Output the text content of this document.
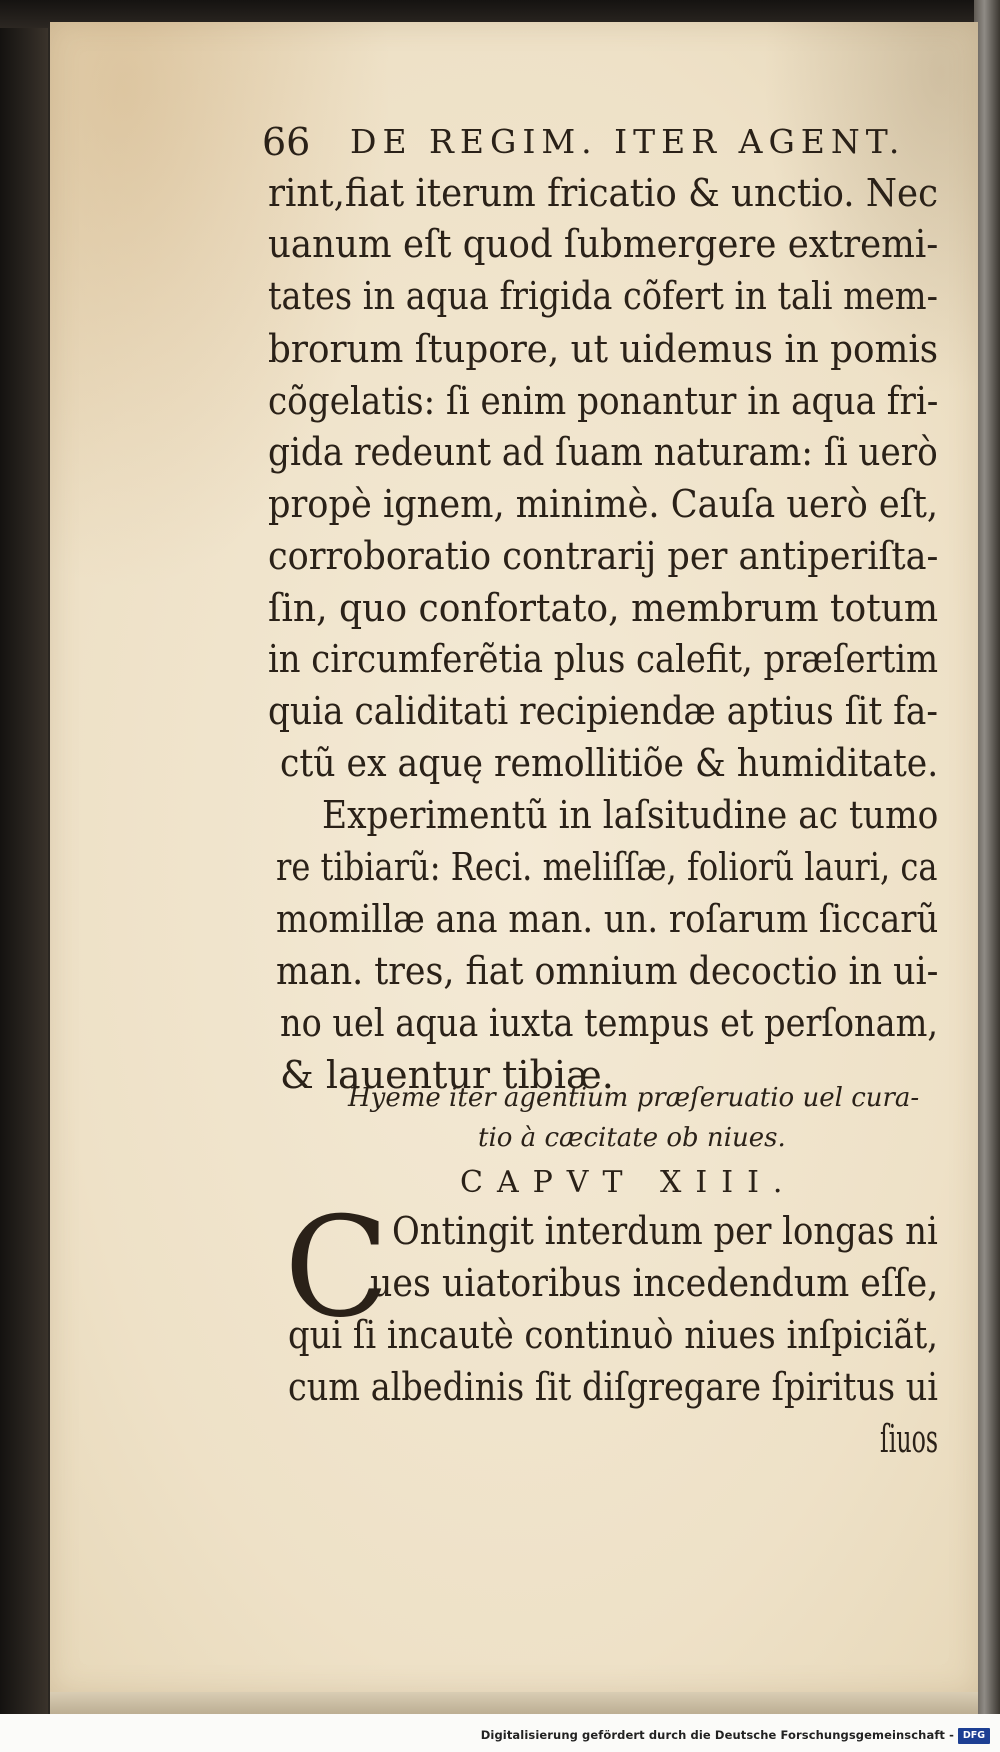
66 DE REGIM. ITER AGENT.
rint,fiat iterum fricatio & unctio. Nec
uanum eſt quod ſubmergere extremi-
tates in aqua frigida cõfert in tali mem-
brorum ſtupore, ut uidemus in pomis
cõgelatis: ſi enim ponantur in aqua fri-
gida redeunt ad ſuam naturam: ſi uerò
propè ignem, minimè. Cauſa uerò eſt,
corroboratio contrarij per antiperiſta-
ſin, quo confortato, membrum totum
in circumferẽtia plus calefit, præſertim
quia caliditati recipiendæ aptius ſit fa-
ctũ ex aquę remollitiõe & humiditate.
Experimentũ in laſsitudine ac tumo
re tibiarũ: Reci. meliſſæ, foliorũ lauri, ca
momillæ ana man. un. roſarum ſiccarũ
man. tres, fiat omnium decoctio in ui-
no uel aqua iuxta tempus et perſonam,
& lauentur tibiæ.
Hyeme iter agentium præſeruatio uel cura-
tio à cæcitate ob niues.
CAPVT XIII.
C Ontingit interdum per longas ni
ues uiatoribus incedendum eſſe,
qui ſi incautè continuò niues inſpiciãt,
cum albedinis ſit diſgregare ſpiritus ui
ſiuos
Digitalisierung gefördert durch die Deutsche Forschungsgemeinschaft - DFG
